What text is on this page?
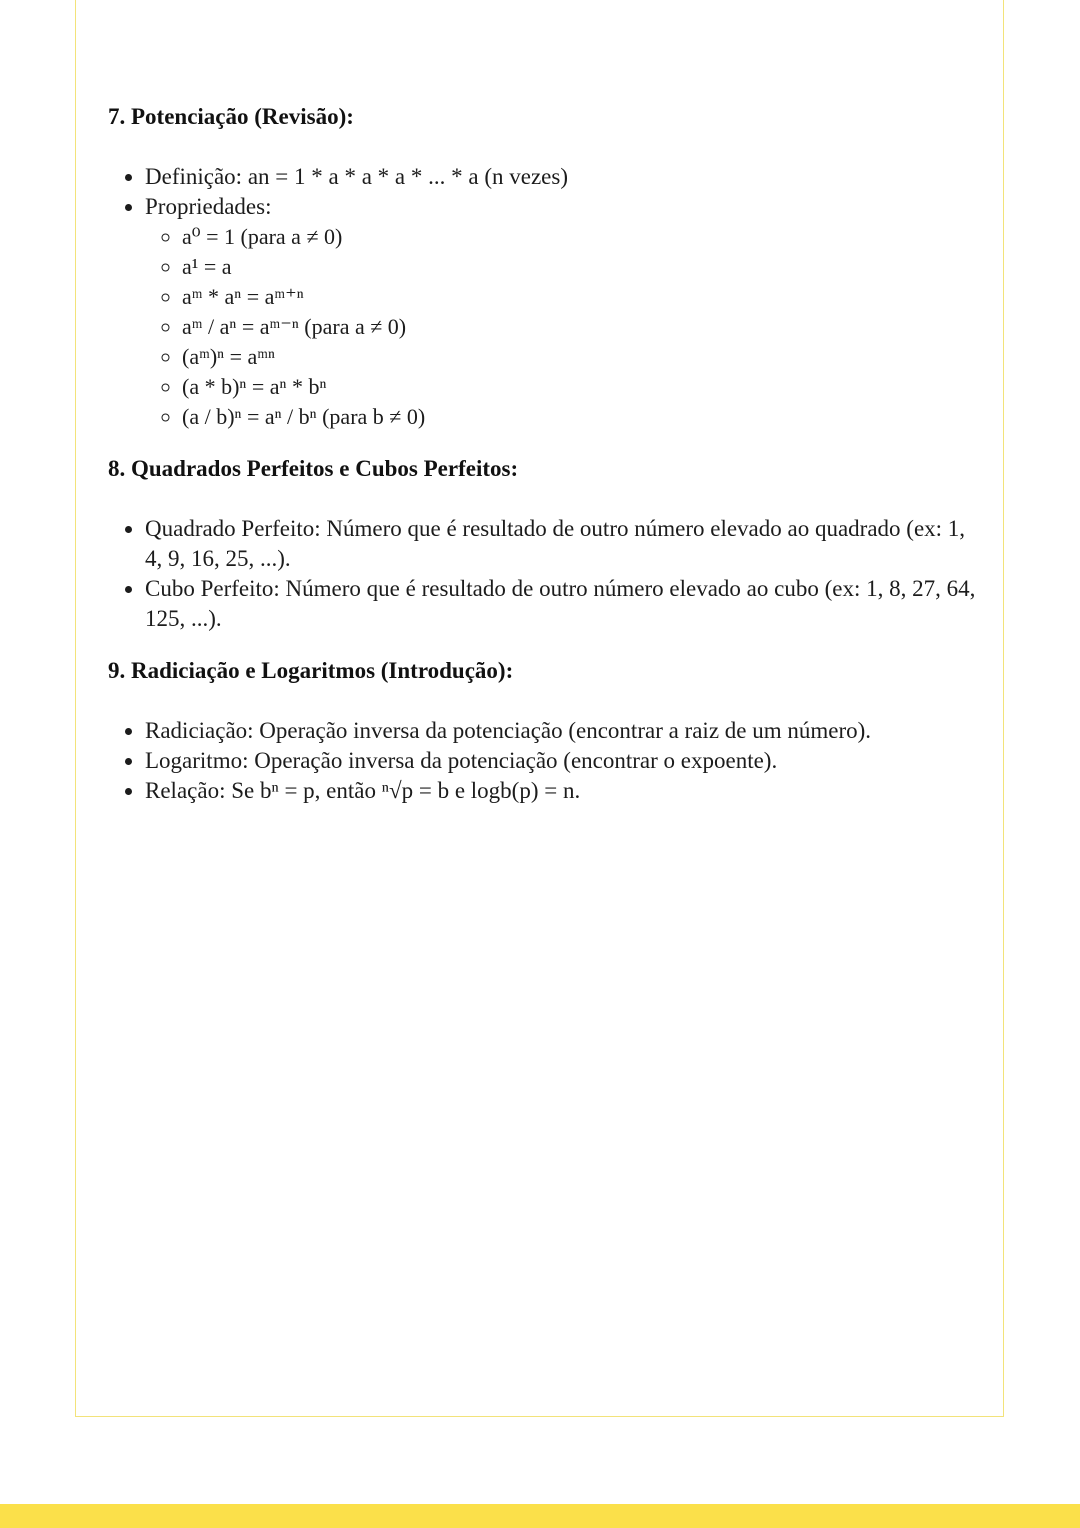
7. Potenciação (Revisão):
• Definição: an = 1 * a * a * a * ... * a (n vezes)
• Propriedades:
◦ a⁰ = 1 (para a ≠ 0)
◦ a¹ = a
◦ aᵐ * aⁿ = aᵐ⁺ⁿ
◦ aᵐ / aⁿ = aᵐ⁻ⁿ (para a ≠ 0)
◦ (aᵐ)ⁿ = aᵐⁿ
◦ (a * b)ⁿ = aⁿ * bⁿ
◦ (a / b)ⁿ = aⁿ / bⁿ (para b ≠ 0)
8. Quadrados Perfeitos e Cubos Perfeitos:
• Quadrado Perfeito: Número que é resultado de outro número elevado ao quadrado (ex: 1, 4, 9, 16, 25, ...).
• Cubo Perfeito: Número que é resultado de outro número elevado ao cubo (ex: 1, 8, 27, 64, 125, ...).
9. Radiciação e Logaritmos (Introdução):
• Radiciação: Operação inversa da potenciação (encontrar a raiz de um número).
• Logaritmo: Operação inversa da potenciação (encontrar o expoente).
• Relação: Se bⁿ = p, então ⁿ√p = b e logb(p) = n.
